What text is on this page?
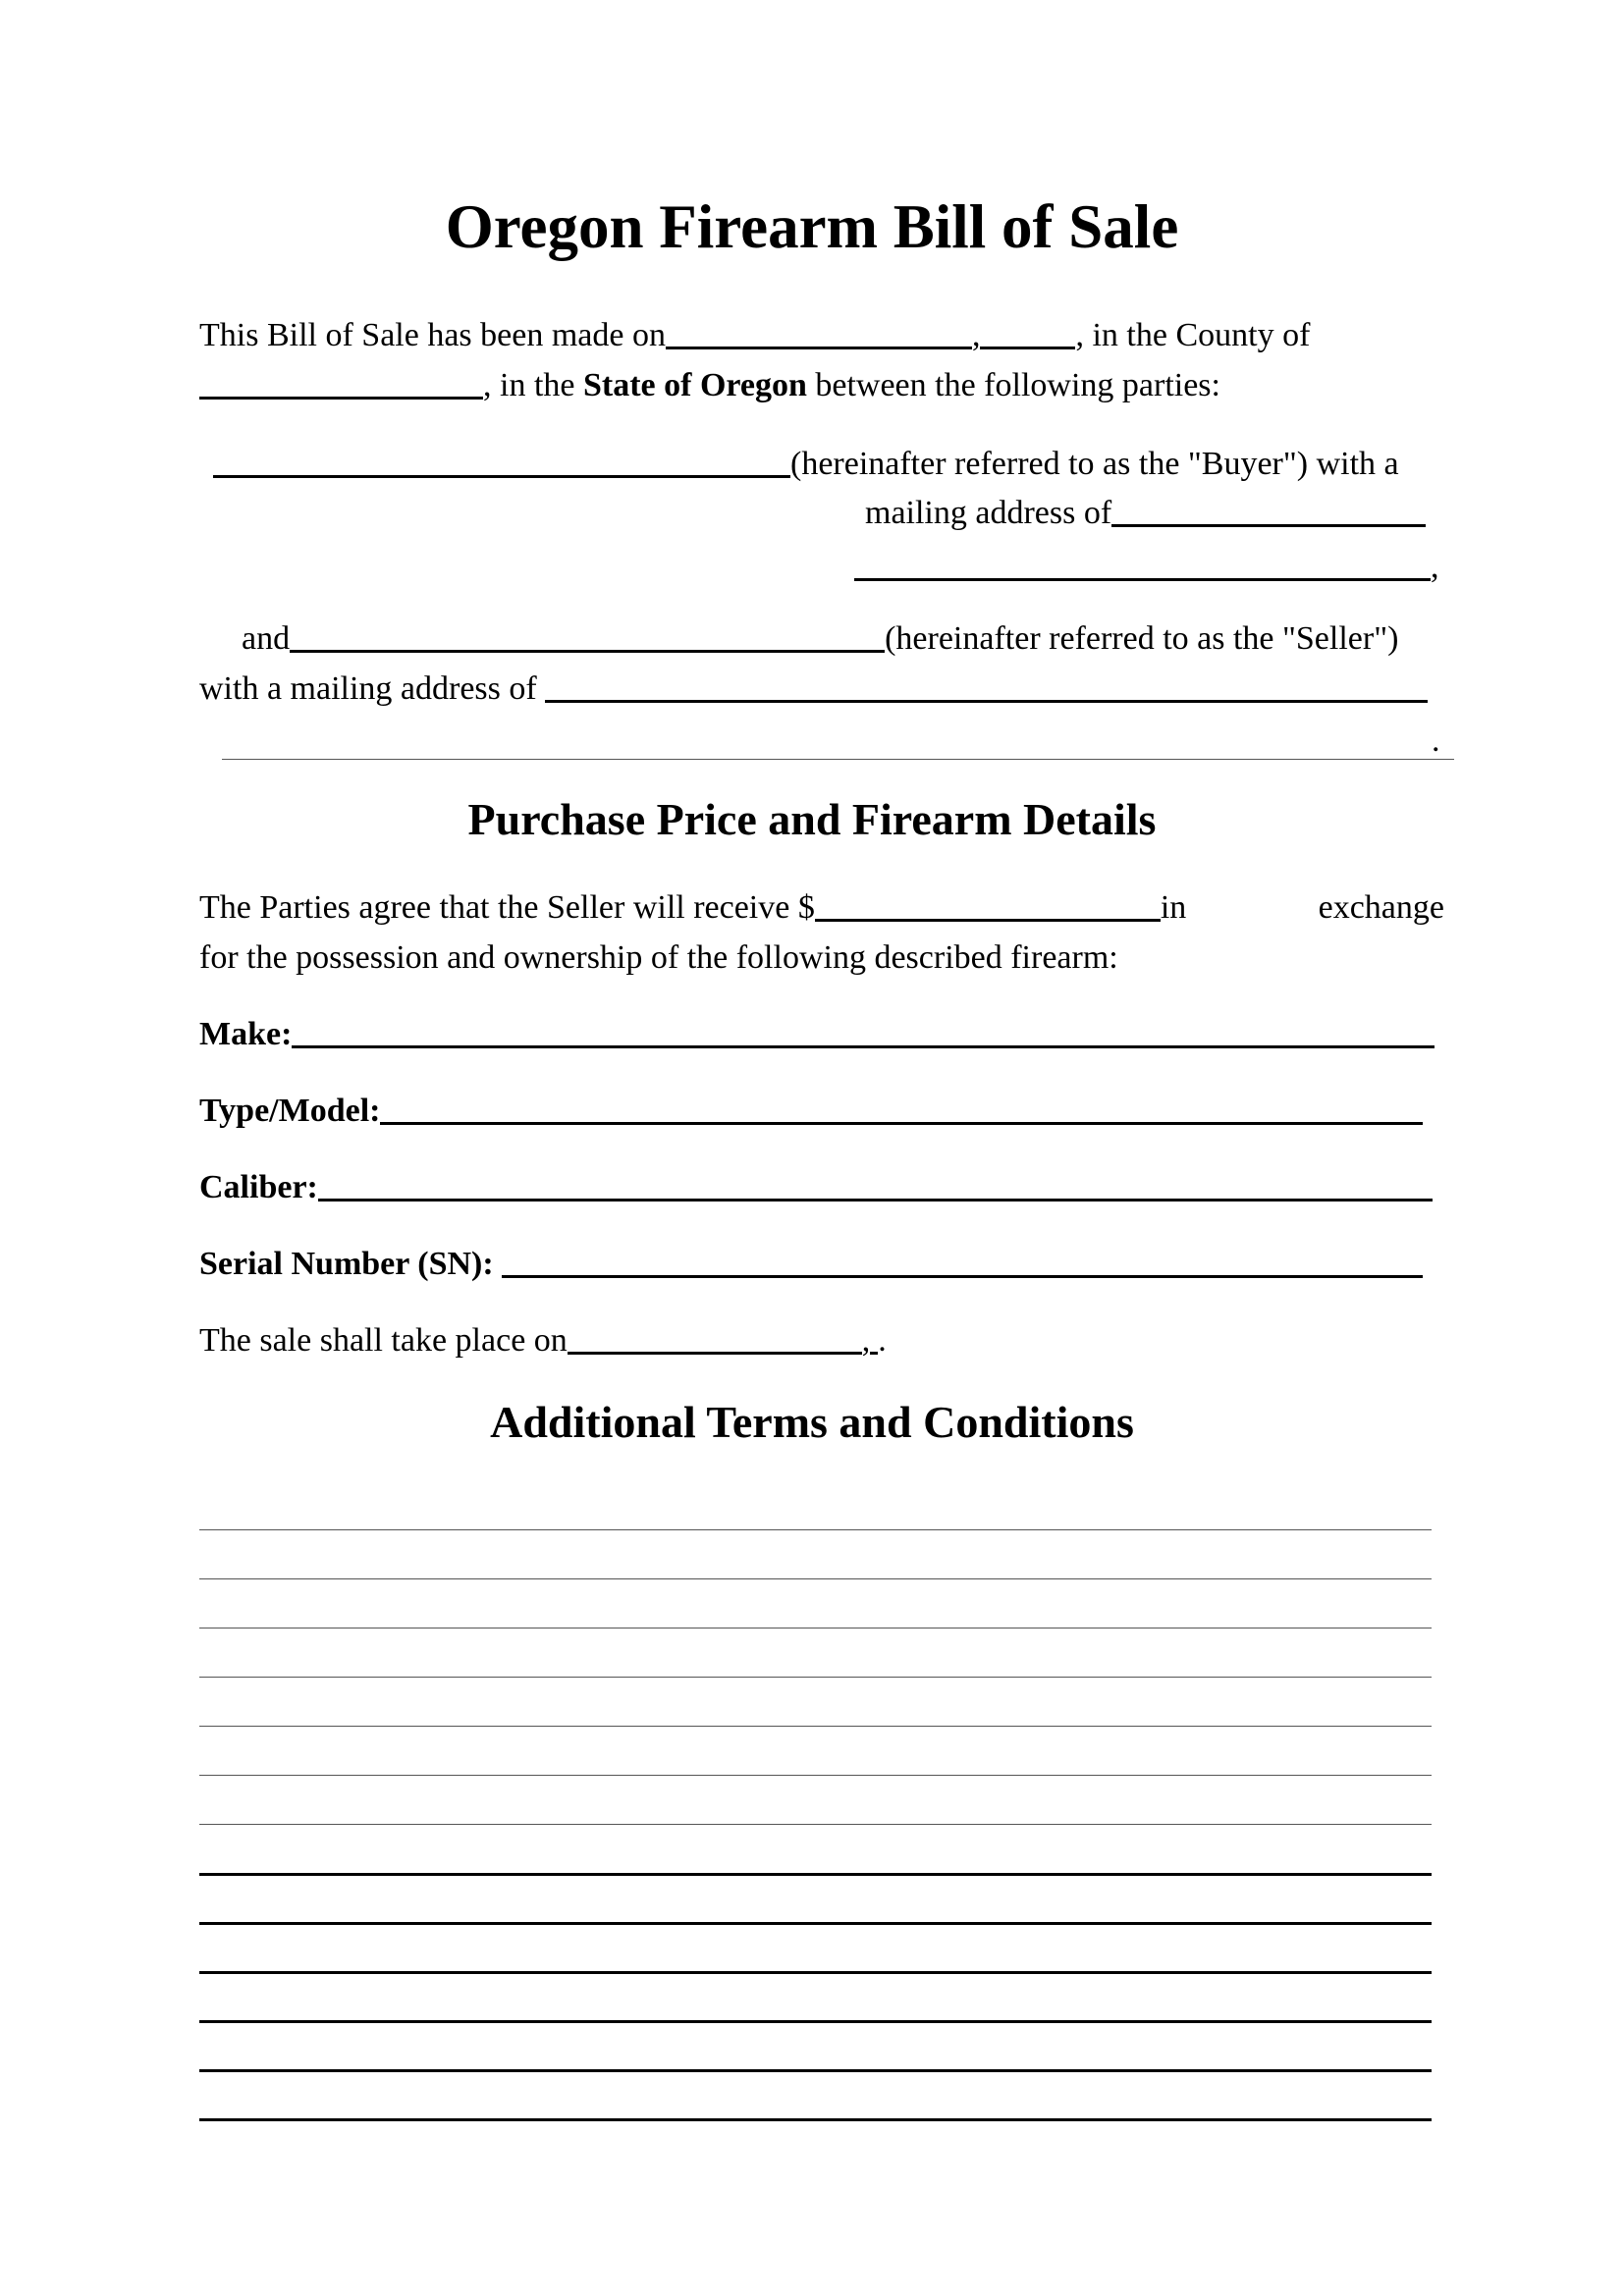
Oregon Firearm Bill of Sale
This Bill of Sale has been made on	,	, in the County of
, in the State of Oregon between the following parties:
(hereinafter referred to as the "Buyer") with a
mailing address of
,
and	(hereinafter referred to as the "Seller")
with a mailing address of
.
Purchase Price and Firearm Details
The Parties agree that the Seller will receive $	in	exchange
for the possession and ownership of the following described firearm:
Make:
Type/Model:
Caliber:
Serial Number (SN):
The sale shall take place on	, .
Additional Terms and Conditions
